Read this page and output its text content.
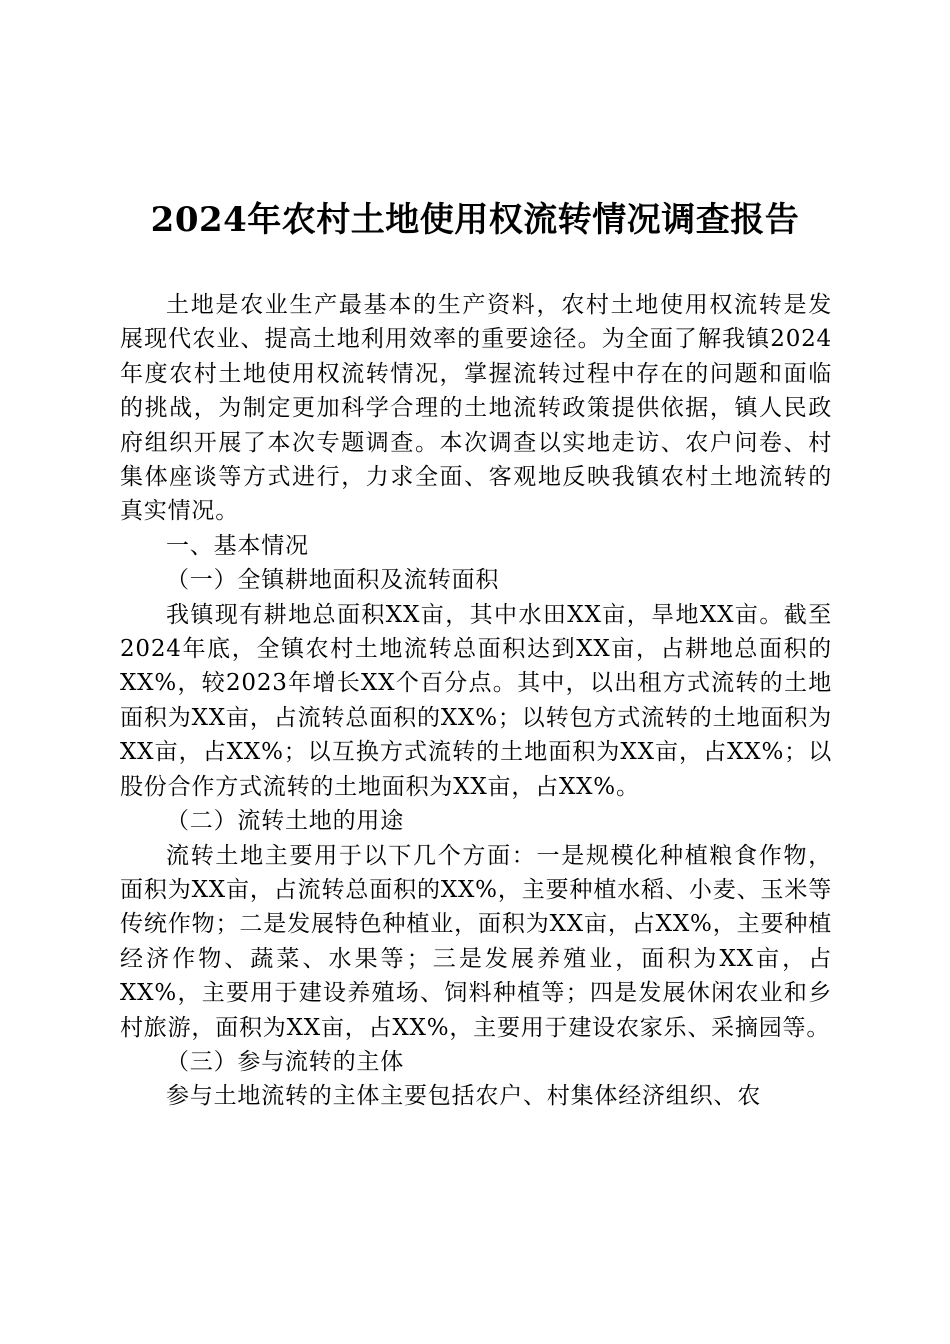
2024年农村土地使用权流转情况调查报告

土地是农业生产最基本的生产资料，农村土地使用权流转是发展现代农业、提高土地利用效率的重要途径。为全面了解我镇2024年度农村土地使用权流转情况，掌握流转过程中存在的问题和面临的挑战，为制定更加科学合理的土地流转政策提供依据，镇人民政府组织开展了本次专题调查。本次调查以实地走访、农户问卷、村集体座谈等方式进行，力求全面、客观地反映我镇农村土地流转的真实情况。

一、基本情况
（一）全镇耕地面积及流转面积

我镇现有耕地总面积XX亩，其中水田XX亩，旱地XX亩。截至2024年底，全镇农村土地流转总面积达到XX亩，占耕地总面积的XX%，较2023年增长XX个百分点。其中，以出租方式流转的土地面积为XX亩，占流转总面积的XX%；以转包方式流转的土地面积为XX亩，占XX%；以互换方式流转的土地面积为XX亩，占XX%；以股份合作方式流转的土地面积为XX亩，占XX%。

（二）流转土地的用途

流转土地主要用于以下几个方面：一是规模化种植粮食作物，面积为XX亩，占流转总面积的XX%，主要种植水稻、小麦、玉米等传统作物；二是发展特色种植业，面积为XX亩，占XX%，主要种植经济作物、蔬菜、水果等；三是发展养殖业，面积为XX亩，占XX%，主要用于建设养殖场、饲料种植等；四是发展休闲农业和乡村旅游，面积为XX亩，占XX%，主要用于建设农家乐、采摘园等。

（三）参与流转的主体

参与土地流转的主体主要包括农户、村集体经济组织、农
